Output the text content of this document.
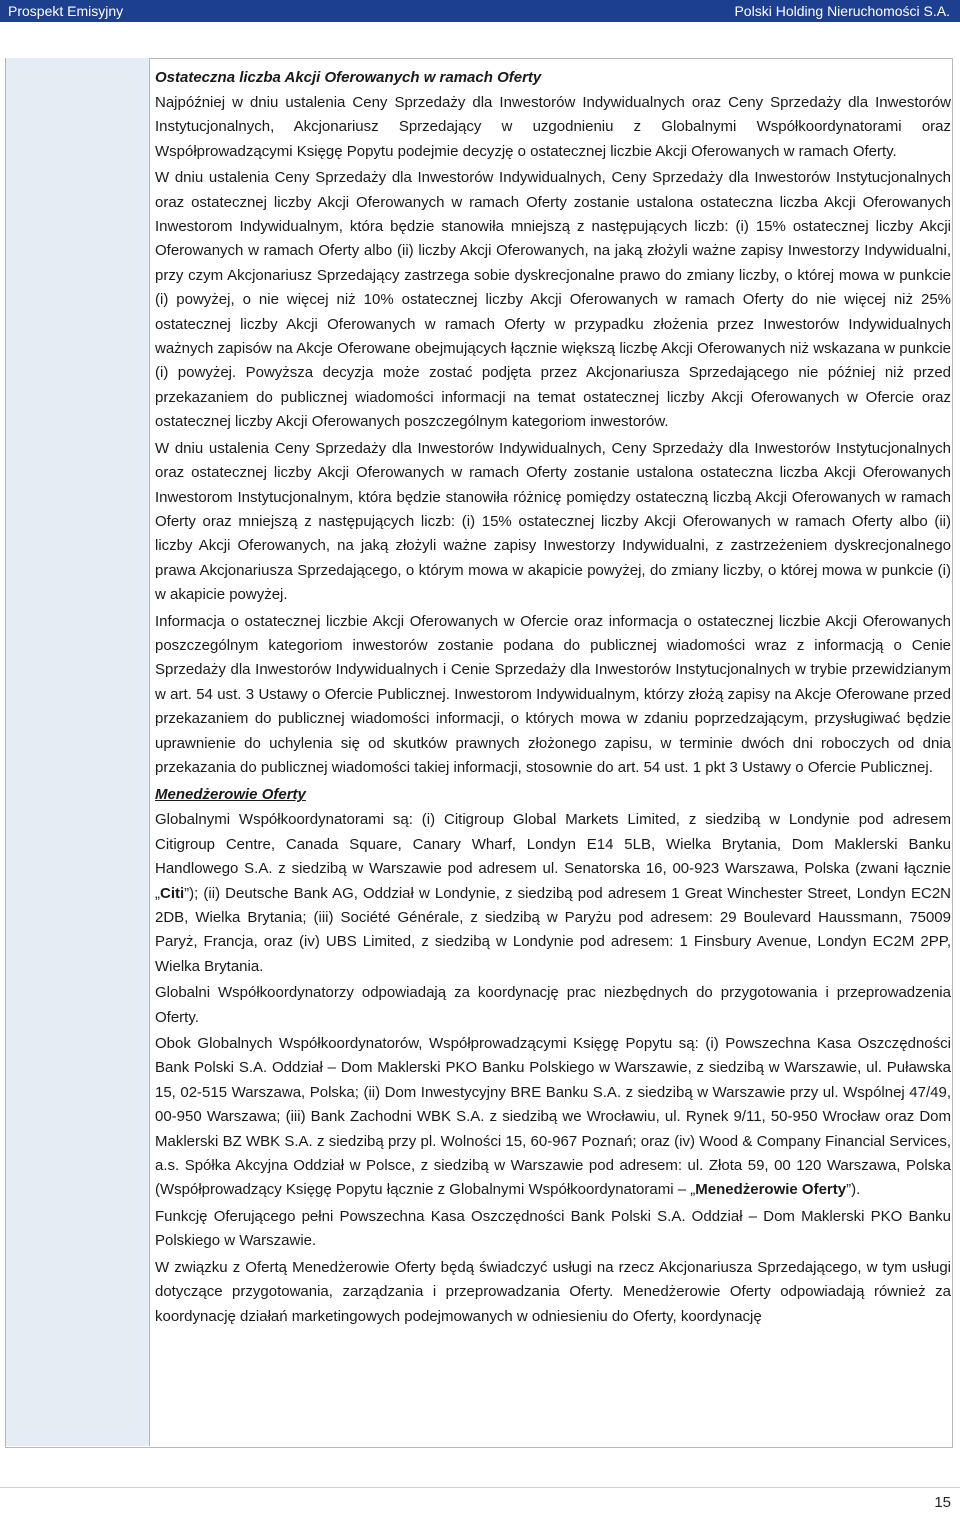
Prospekt Emisyjny	Polski Holding Nieruchomości S.A.
Ostateczna liczba Akcji Oferowanych w ramach Oferty

Najpóźniej w dniu ustalenia Ceny Sprzedaży dla Inwestorów Indywidualnych oraz Ceny Sprzedaży dla Inwestorów Instytucjonalnych, Akcjonariusz Sprzedający w uzgodnieniu z Globalnymi Współkoordynatorami oraz Współprowadzącymi Księgę Popytu podejmie decyzję o ostatecznej liczbie Akcji Oferowanych w ramach Oferty.

W dniu ustalenia Ceny Sprzedaży dla Inwestorów Indywidualnych, Ceny Sprzedaży dla Inwestorów Instytucjonalnych oraz ostatecznej liczby Akcji Oferowanych w ramach Oferty zostanie ustalona ostateczna liczba Akcji Oferowanych Inwestorom Indywidualnym, która będzie stanowiła mniejszą z następujących liczb: (i) 15% ostatecznej liczby Akcji Oferowanych w ramach Oferty albo (ii) liczby Akcji Oferowanych, na jaką złożyli ważne zapisy Inwestorzy Indywidualni, przy czym Akcjonariusz Sprzedający zastrzega sobie dyskrecjonalne prawo do zmiany liczby, o której mowa w punkcie (i) powyżej, o nie więcej niż 10% ostatecznej liczby Akcji Oferowanych w ramach Oferty do nie więcej niż 25% ostatecznej liczby Akcji Oferowanych w ramach Oferty w przypadku złożenia przez Inwestorów Indywidualnych ważnych zapisów na Akcje Oferowane obejmujących łącznie większą liczbę Akcji Oferowanych niż wskazana w punkcie (i) powyżej. Powyższa decyzja może zostać podjęta przez Akcjonariusza Sprzedającego nie później niż przed przekazaniem do publicznej wiadomości informacji na temat ostatecznej liczby Akcji Oferowanych w Ofercie oraz ostatecznej liczby Akcji Oferowanych poszczególnym kategoriom inwestorów.

W dniu ustalenia Ceny Sprzedaży dla Inwestorów Indywidualnych, Ceny Sprzedaży dla Inwestorów Instytucjonalnych oraz ostatecznej liczby Akcji Oferowanych w ramach Oferty zostanie ustalona ostateczna liczba Akcji Oferowanych Inwestorom Instytucjonalnym, która będzie stanowiła różnicę pomiędzy ostateczną liczbą Akcji Oferowanych w ramach Oferty oraz mniejszą z następujących liczb: (i) 15% ostatecznej liczby Akcji Oferowanych w ramach Oferty albo (ii) liczby Akcji Oferowanych, na jaką złożyli ważne zapisy Inwestorzy Indywidualni, z zastrzeżeniem dyskrecjonalnego prawa Akcjonariusza Sprzedającego, o którym mowa w akapicie powyżej, do zmiany liczby, o której mowa w punkcie (i) w akapicie powyżej.

Informacja o ostatecznej liczbie Akcji Oferowanych w Ofercie oraz informacja o ostatecznej liczbie Akcji Oferowanych poszczególnym kategoriom inwestorów zostanie podana do publicznej wiadomości wraz z informacją o Cenie Sprzedaży dla Inwestorów Indywidualnych i Cenie Sprzedaży dla Inwestorów Instytucjonalnych w trybie przewidzianym w art. 54 ust. 3 Ustawy o Ofercie Publicznej. Inwestorom Indywidualnym, którzy złożą zapisy na Akcje Oferowane przed przekazaniem do publicznej wiadomości informacji, o których mowa w zdaniu poprzedzającym, przysługiwać będzie uprawnienie do uchylenia się od skutków prawnych złożonego zapisu, w terminie dwóch dni roboczych od dnia przekazania do publicznej wiadomości takiej informacji, stosownie do art. 54 ust. 1 pkt 3 Ustawy o Ofercie Publicznej.

Menedżerowie Oferty

Globalnymi Współkoordynatorami są: (i) Citigroup Global Markets Limited, z siedzibą w Londynie pod adresem Citigroup Centre, Canada Square, Canary Wharf, Londyn E14 5LB, Wielka Brytania, Dom Maklerski Banku Handlowego S.A. z siedzibą w Warszawie pod adresem ul. Senatorska 16, 00-923 Warszawa, Polska (zwani łącznie „Citi”); (ii) Deutsche Bank AG, Oddział w Londynie, z siedzibą pod adresem 1 Great Winchester Street, Londyn EC2N 2DB, Wielka Brytania; (iii) Société Générale, z siedzibą w Paryżu pod adresem: 29 Boulevard Haussmann, 75009 Paryż, Francja, oraz (iv) UBS Limited, z siedzibą w Londynie pod adresem: 1 Finsbury Avenue, Londyn EC2M 2PP, Wielka Brytania.

Globalni Współkoordynatorzy odpowiadają za koordynację prac niezbędnych do przygotowania i przeprowadzenia Oferty.

Obok Globalnych Współkoordynatorów, Współprowadzącymi Księgę Popytu są: (i) Powszechna Kasa Oszczędności Bank Polski S.A. Oddział – Dom Maklerski PKO Banku Polskiego w Warszawie, z siedzibą w Warszawie, ul. Puławska 15, 02-515 Warszawa, Polska; (ii) Dom Inwestycyjny BRE Banku S.A. z siedzibą w Warszawie przy ul. Wspólnej 47/49, 00-950 Warszawa; (iii) Bank Zachodni WBK S.A. z siedzibą we Wrocławiu, ul. Rynek 9/11, 50-950 Wrocław oraz Dom Maklerski BZ WBK S.A. z siedzibą przy pl. Wolności 15, 60-967 Poznań; oraz (iv) Wood & Company Financial Services, a.s. Spółka Akcyjna Oddział w Polsce, z siedzibą w Warszawie pod adresem: ul. Złota 59, 00 120 Warszawa, Polska (Współprowadzący Księgę Popytu łącznie z Globalnymi Współkoordynatorami – „Menedżerowie Oferty”).

Funkcję Oferującego pełni Powszechna Kasa Oszczędności Bank Polski S.A. Oddział – Dom Maklerski PKO Banku Polskiego w Warszawie.

W związku z Ofertą Menedżerowie Oferty będą świadczyć usługi na rzecz Akcjonariusza Sprzedającego, w tym usługi dotyczące przygotowania, zarządzania i przeprowadzania Oferty. Menedżerowie Oferty odpowiadają również za koordynację działań marketingowych podejmowanych w odniesieniu do Oferty, koordynację

15
